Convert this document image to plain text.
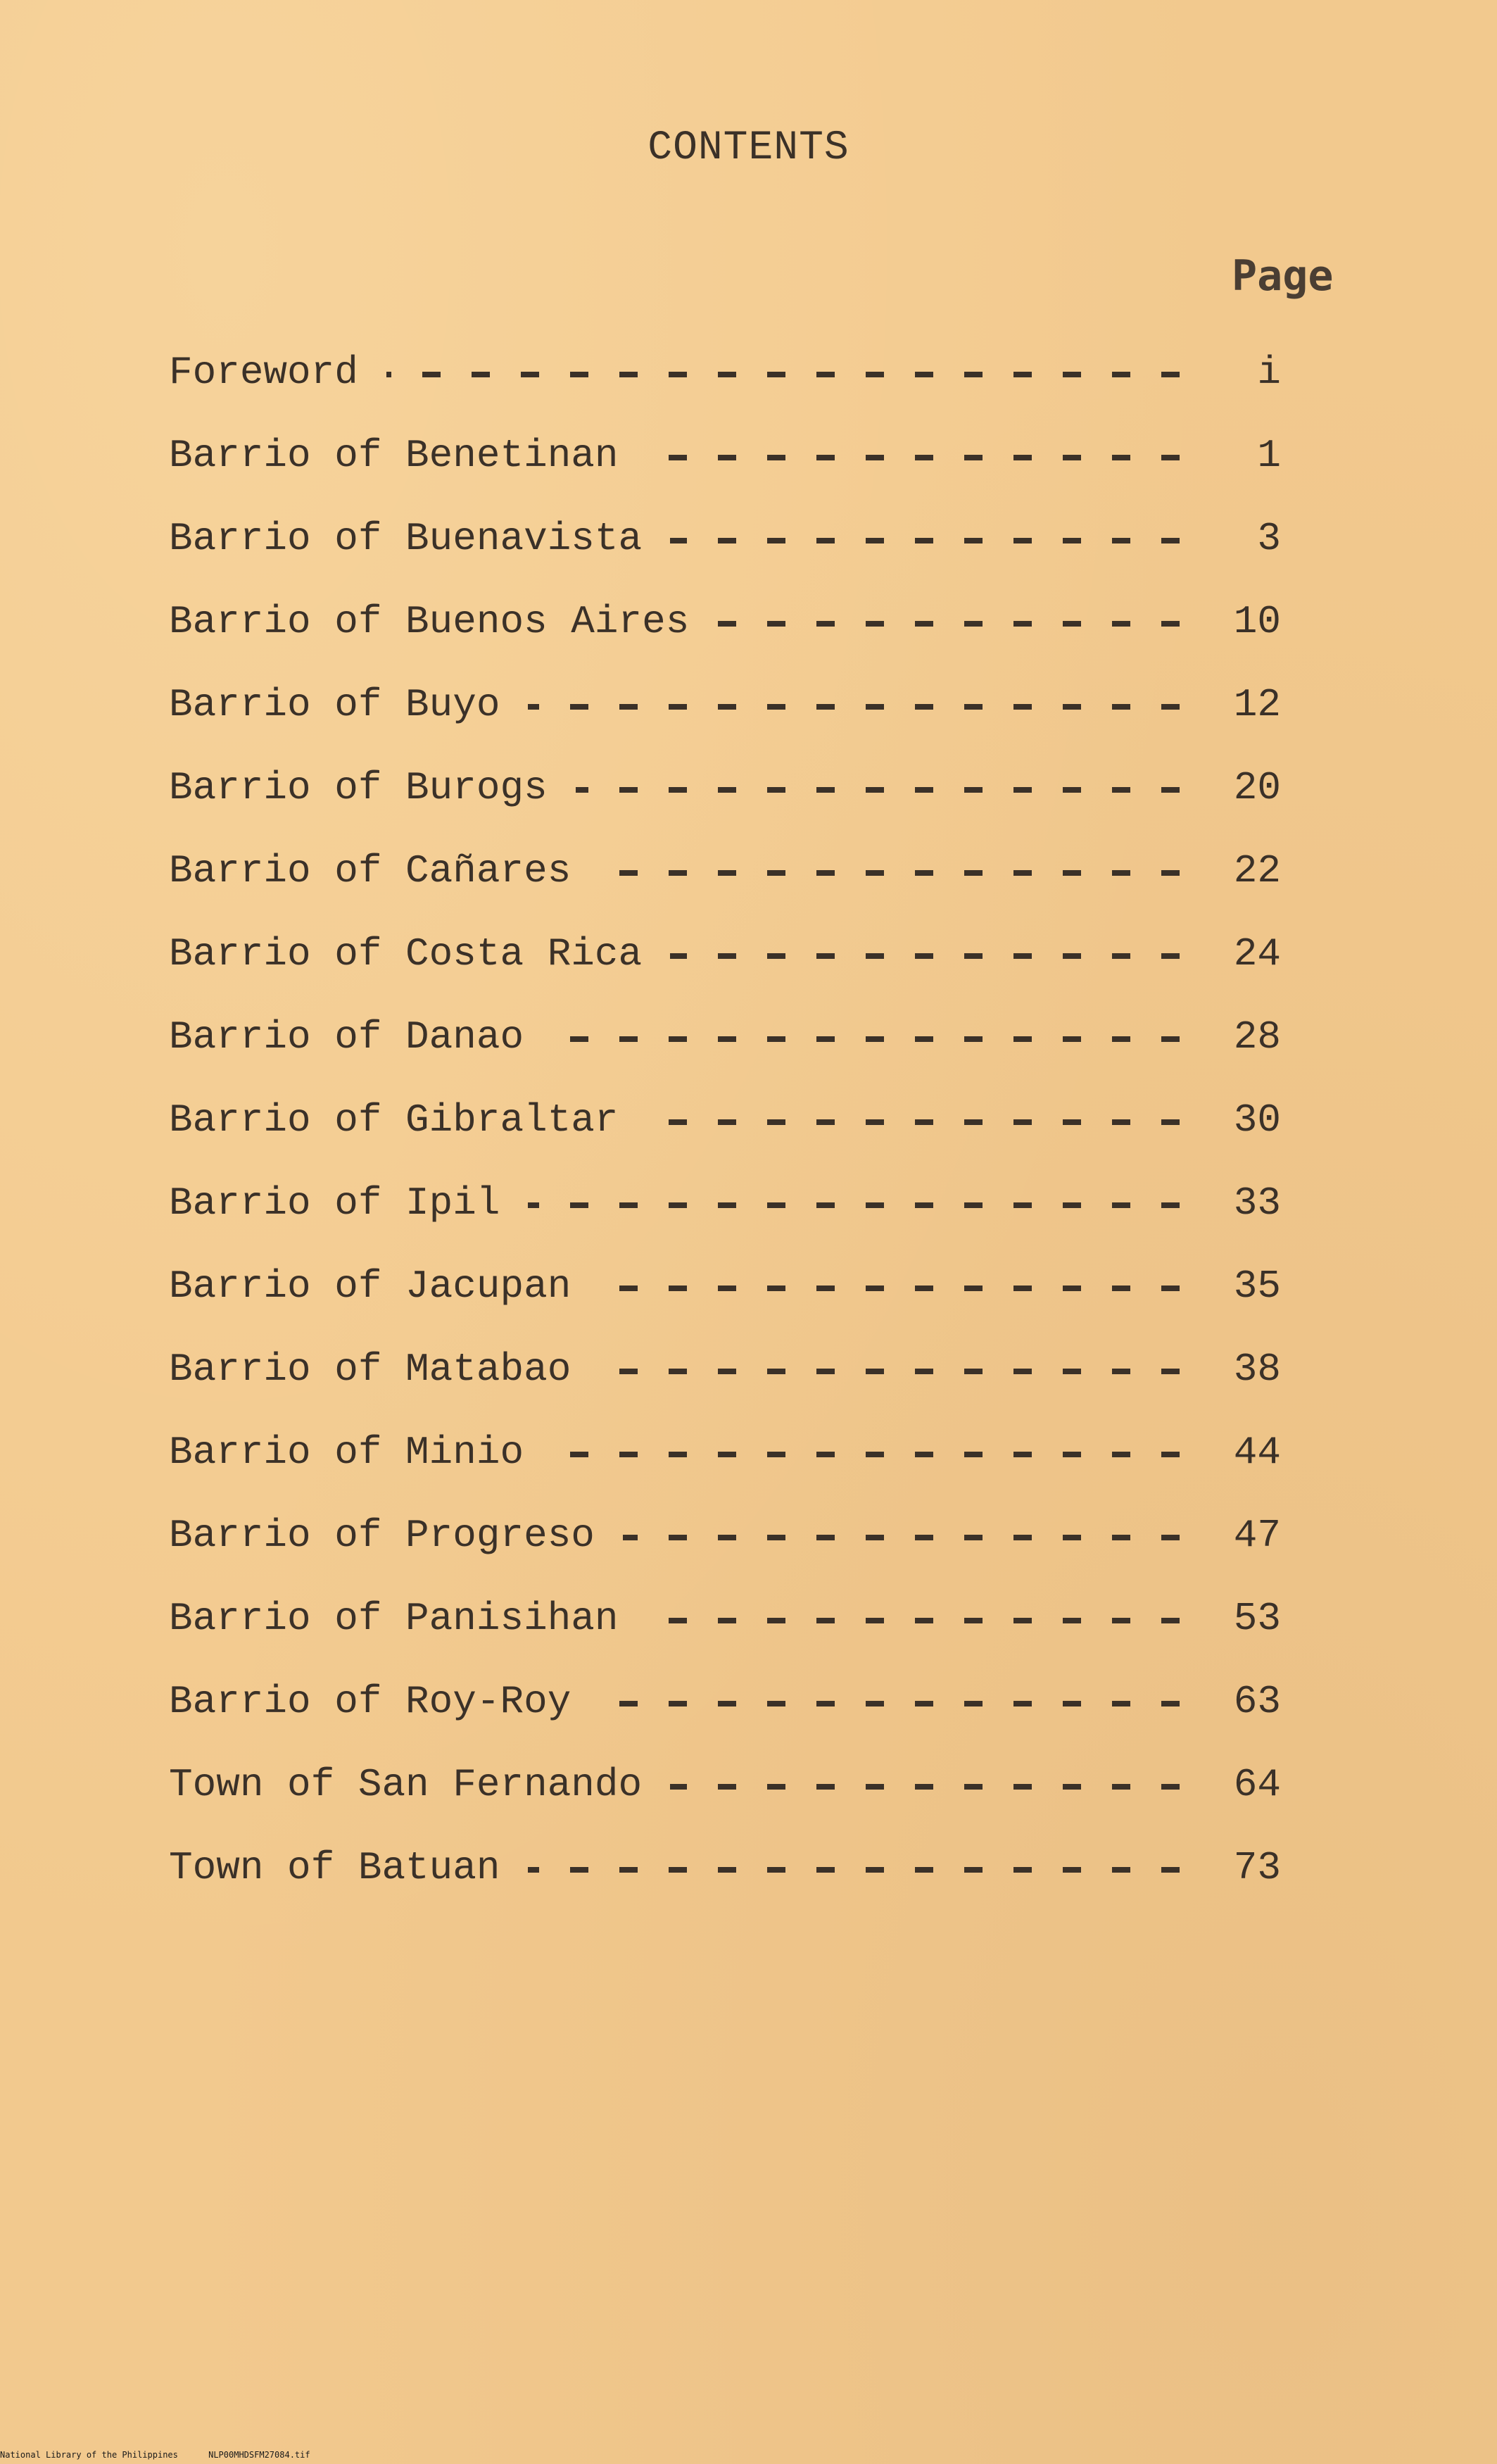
CONTENTS
Page
Foreword	i
Barrio of Benetinan	1
Barrio of Buenavista	3
Barrio of Buenos Aires	10
Barrio of Buyo	12
Barrio of Burogs	20
Barrio of Cañares	22
Barrio of Costa Rica	24
Barrio of Danao	28
Barrio of Gibraltar	30
Barrio of Ipil	33
Barrio of Jacupan	35
Barrio of Matabao	38
Barrio of Minio	44
Barrio of Progreso	47
Barrio of Panisihan	53
Barrio of Roy-Roy	63
Town of San Fernando	64
Town of Batuan	73
National Library of the Philippines	NLP00MHDSFM27084.tif
